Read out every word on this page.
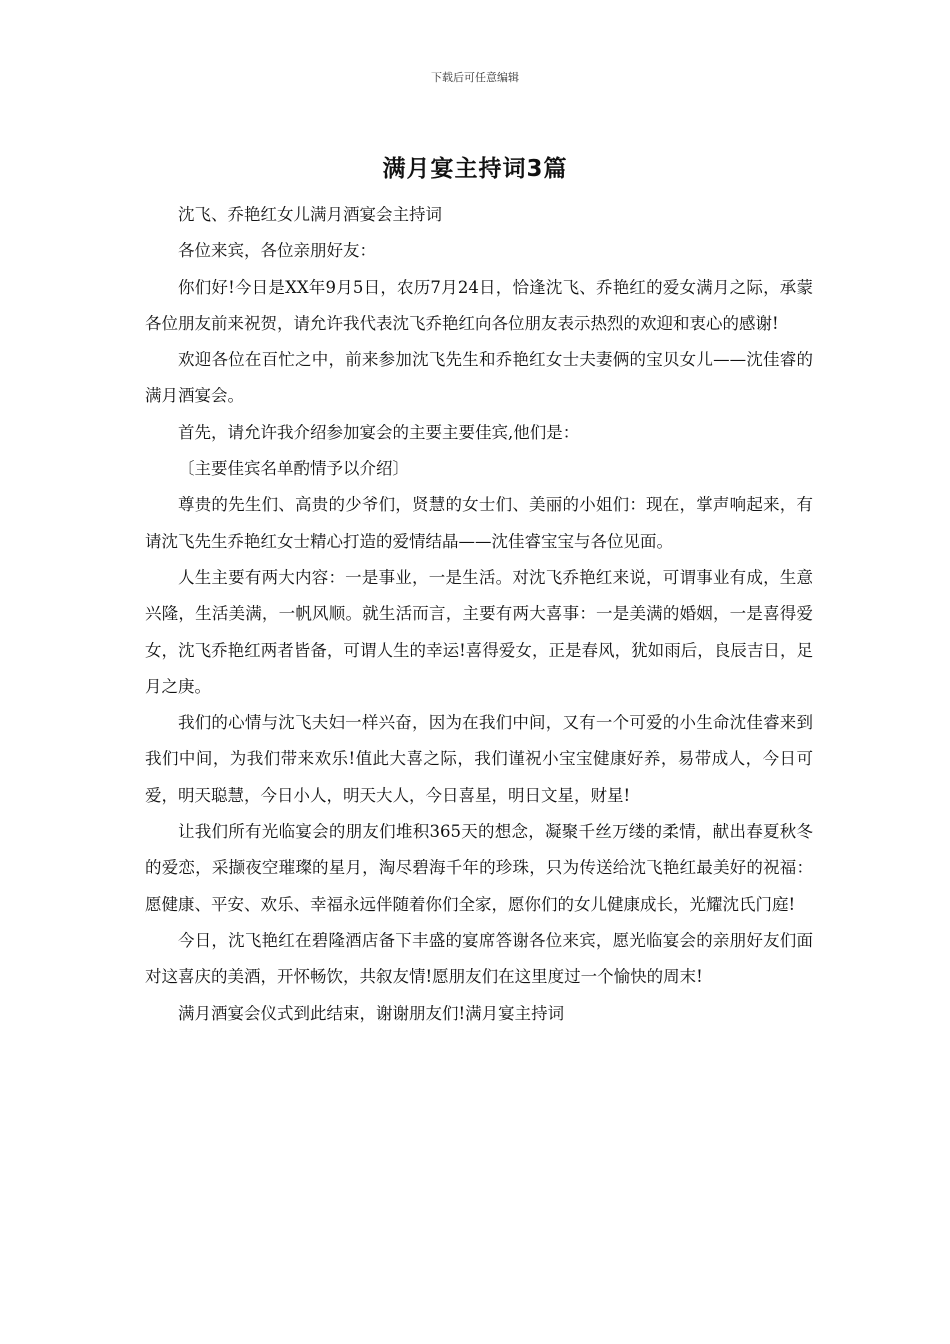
下载后可任意编辑
满月宴主持词3篇

沈飞、乔艳红女儿满月酒宴会主持词

各位来宾，各位亲朋好友：

你们好!今日是XX年9月5日，农历7月24日，恰逢沈飞、乔艳红的爱女满月之际，承蒙各位朋友前来祝贺，请允许我代表沈飞乔艳红向各位朋友表示热烈的欢迎和衷心的感谢!

欢迎各位在百忙之中，前来参加沈飞先生和乔艳红女士夫妻俩的宝贝女儿——沈佳睿的满月酒宴会。

首先，请允许我介绍参加宴会的主要主要佳宾,他们是：

〔主要佳宾名单酌情予以介绍〕

尊贵的先生们、高贵的少爷们，贤慧的女士们、美丽的小姐们：现在，掌声响起来，有请沈飞先生乔艳红女士精心打造的爱情结晶——沈佳睿宝宝与各位见面。

人生主要有两大内容：一是事业，一是生活。对沈飞乔艳红来说，可谓事业有成，生意兴隆，生活美满，一帆风顺。就生活而言，主要有两大喜事：一是美满的婚姻，一是喜得爱女，沈飞乔艳红两者皆备，可谓人生的幸运!喜得爱女，正是春风，犹如雨后，良辰吉日，足月之庚。

我们的心情与沈飞夫妇一样兴奋，因为在我们中间，又有一个可爱的小生命沈佳睿来到我们中间，为我们带来欢乐!值此大喜之际，我们谨祝小宝宝健康好养，易带成人，今日可爱，明天聪慧，今日小人，明天大人，今日喜星，明日文星，财星!

让我们所有光临宴会的朋友们堆积365天的想念，凝聚千丝万缕的柔情，献出春夏秋冬的爱恋，采撷夜空璀璨的星月，淘尽碧海千年的珍珠，只为传送给沈飞艳红最美好的祝福：愿健康、平安、欢乐、幸福永远伴随着你们全家，愿你们的女儿健康成长，光耀沈氏门庭!

今日，沈飞艳红在碧隆酒店备下丰盛的宴席答谢各位来宾，愿光临宴会的亲朋好友们面对这喜庆的美酒，开怀畅饮，共叙友情!愿朋友们在这里度过一个愉快的周末!

满月酒宴会仪式到此结束，谢谢朋友们!满月宴主持词
